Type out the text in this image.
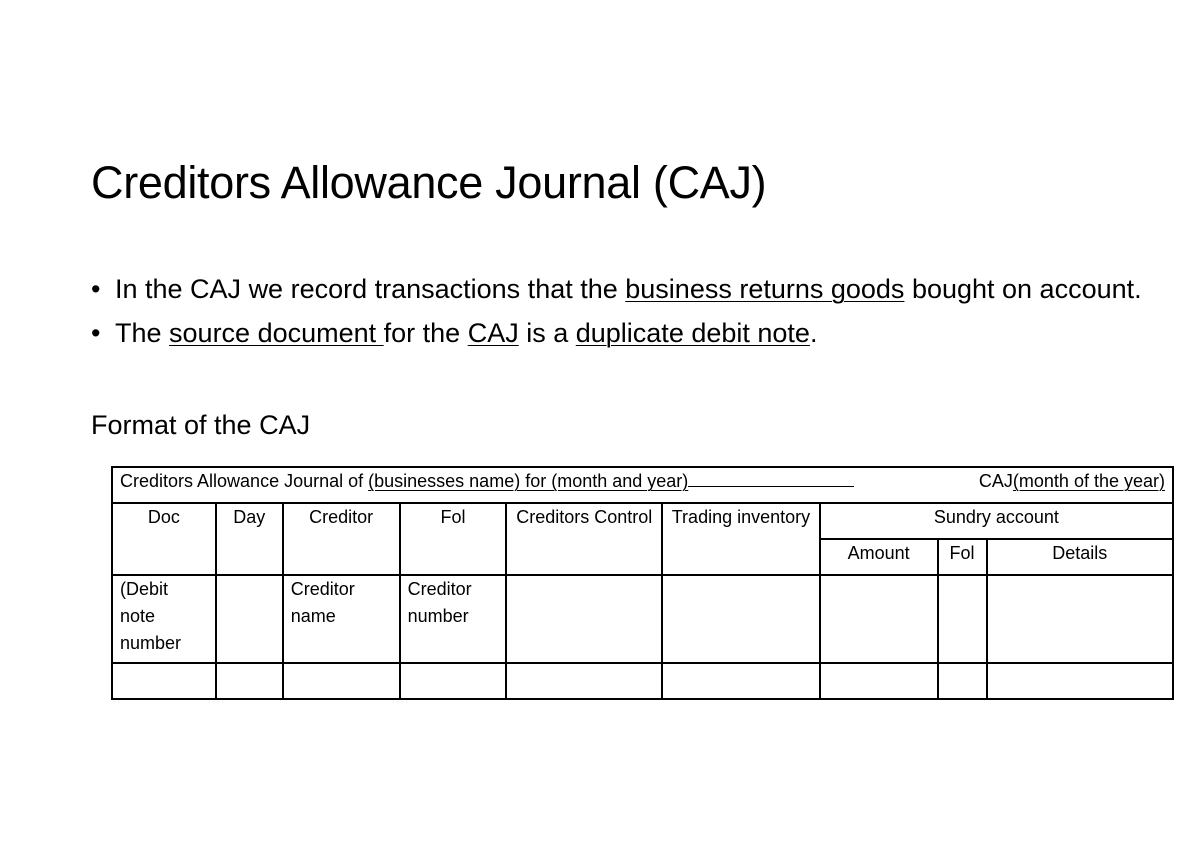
Creditors Allowance Journal (CAJ)
• In the CAJ we record transactions that the business returns goods bought on account.
• The source document for the CAJ is a duplicate debit note.
Format of the CAJ
Creditors Allowance Journal of (businesses name) for (month and year) CAJ(month of the year)								

Doc	Day	Creditor	Fol	Creditors Control	Trading inventory	Sundry account		
						Amount	Fol	Details
(Debit note number		Creditor name	Creditor number					
